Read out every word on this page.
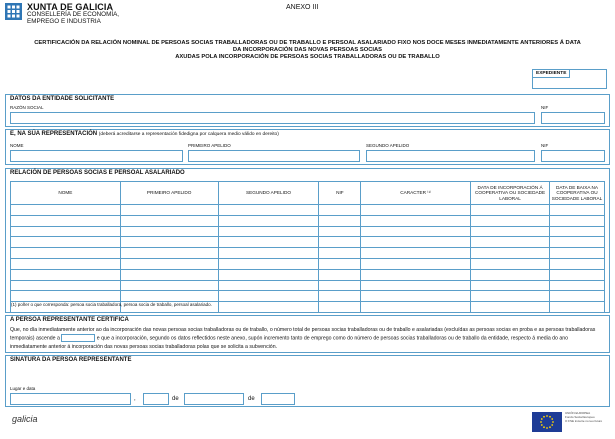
XUNTA DE GALICIA
CONSELLERÍA DE ECONOMÍA,
EMPREGO E INDUSTRIA
ANEXO III
CERTIFICACIÓN DA RELACIÓN NOMINAL DE PERSOAS SOCIAS TRABALLADORAS OU DE TRABALLO E PERSOAL ASALARIADO FIXO NOS DOCE MESES INMEDIATAMENTE ANTERIORES Á DATA
DA INCORPORACIÓN DAS NOVAS PERSOAS SOCIAS
AXUDAS POLA INCORPORACIÓN DE PERSOAS SOCIAS TRABALLADORAS OU DE TRABALLO
EXPEDIENTE
DATOS DA ENTIDADE SOLICITANTE
RAZÓN SOCIAL	NIF
E, NA SÚA REPRESENTACIÓN (deberá acreditarse a representación fidedigna por calquera medio válido en dereito)
NOME	PRIMEIRO APELIDO	SEGUNDO APELIDO	NIF
RELACIÓN DE PERSOAS SOCIAS E PERSOAL ASALARIADO
NOME	PRIMEIRO APELIDO	SEGUNDO APELIDO	NIF	CARACTER ⁽¹⁾	DATA DE INCORPORACIÓN Á COOPERATIVA OU SOCIEDADE LABORAL	DATA DE BAIXA NA COOPERATIVA OU SOCIEDADE LABORAL

(1) poñer o que corresponda: persoa socia traballadora, persoa socia de traballo, persoal asalariado.
A PERSOA REPRESENTANTE CERTIFICA
Que, no día inmediatamente anterior ao da incorporación das novas persoas socias traballadoras ou de traballo, o número total de persoas socias traballadoras ou de traballo e asalariadas (excluídas as persoas socias en proba e as persoas traballadoras temporais) ascende a	e que a incorporación, segundo os datos reflectidos neste anexo, supón incremento tanto de emprego como do número de persoas socias traballadoras ou de traballo da entidade, respecto á media do ano inmediatamente anterior á incorporación das novas persoas socias traballadoras polas que se solicita a subvención.
SINATURA DA PERSOA REPRESENTANTE
Lugar e data
,	de	de
galicia
UNIÓN EUROPEA
Fondo Social Europeo
O FSE invierte no teu futuro
